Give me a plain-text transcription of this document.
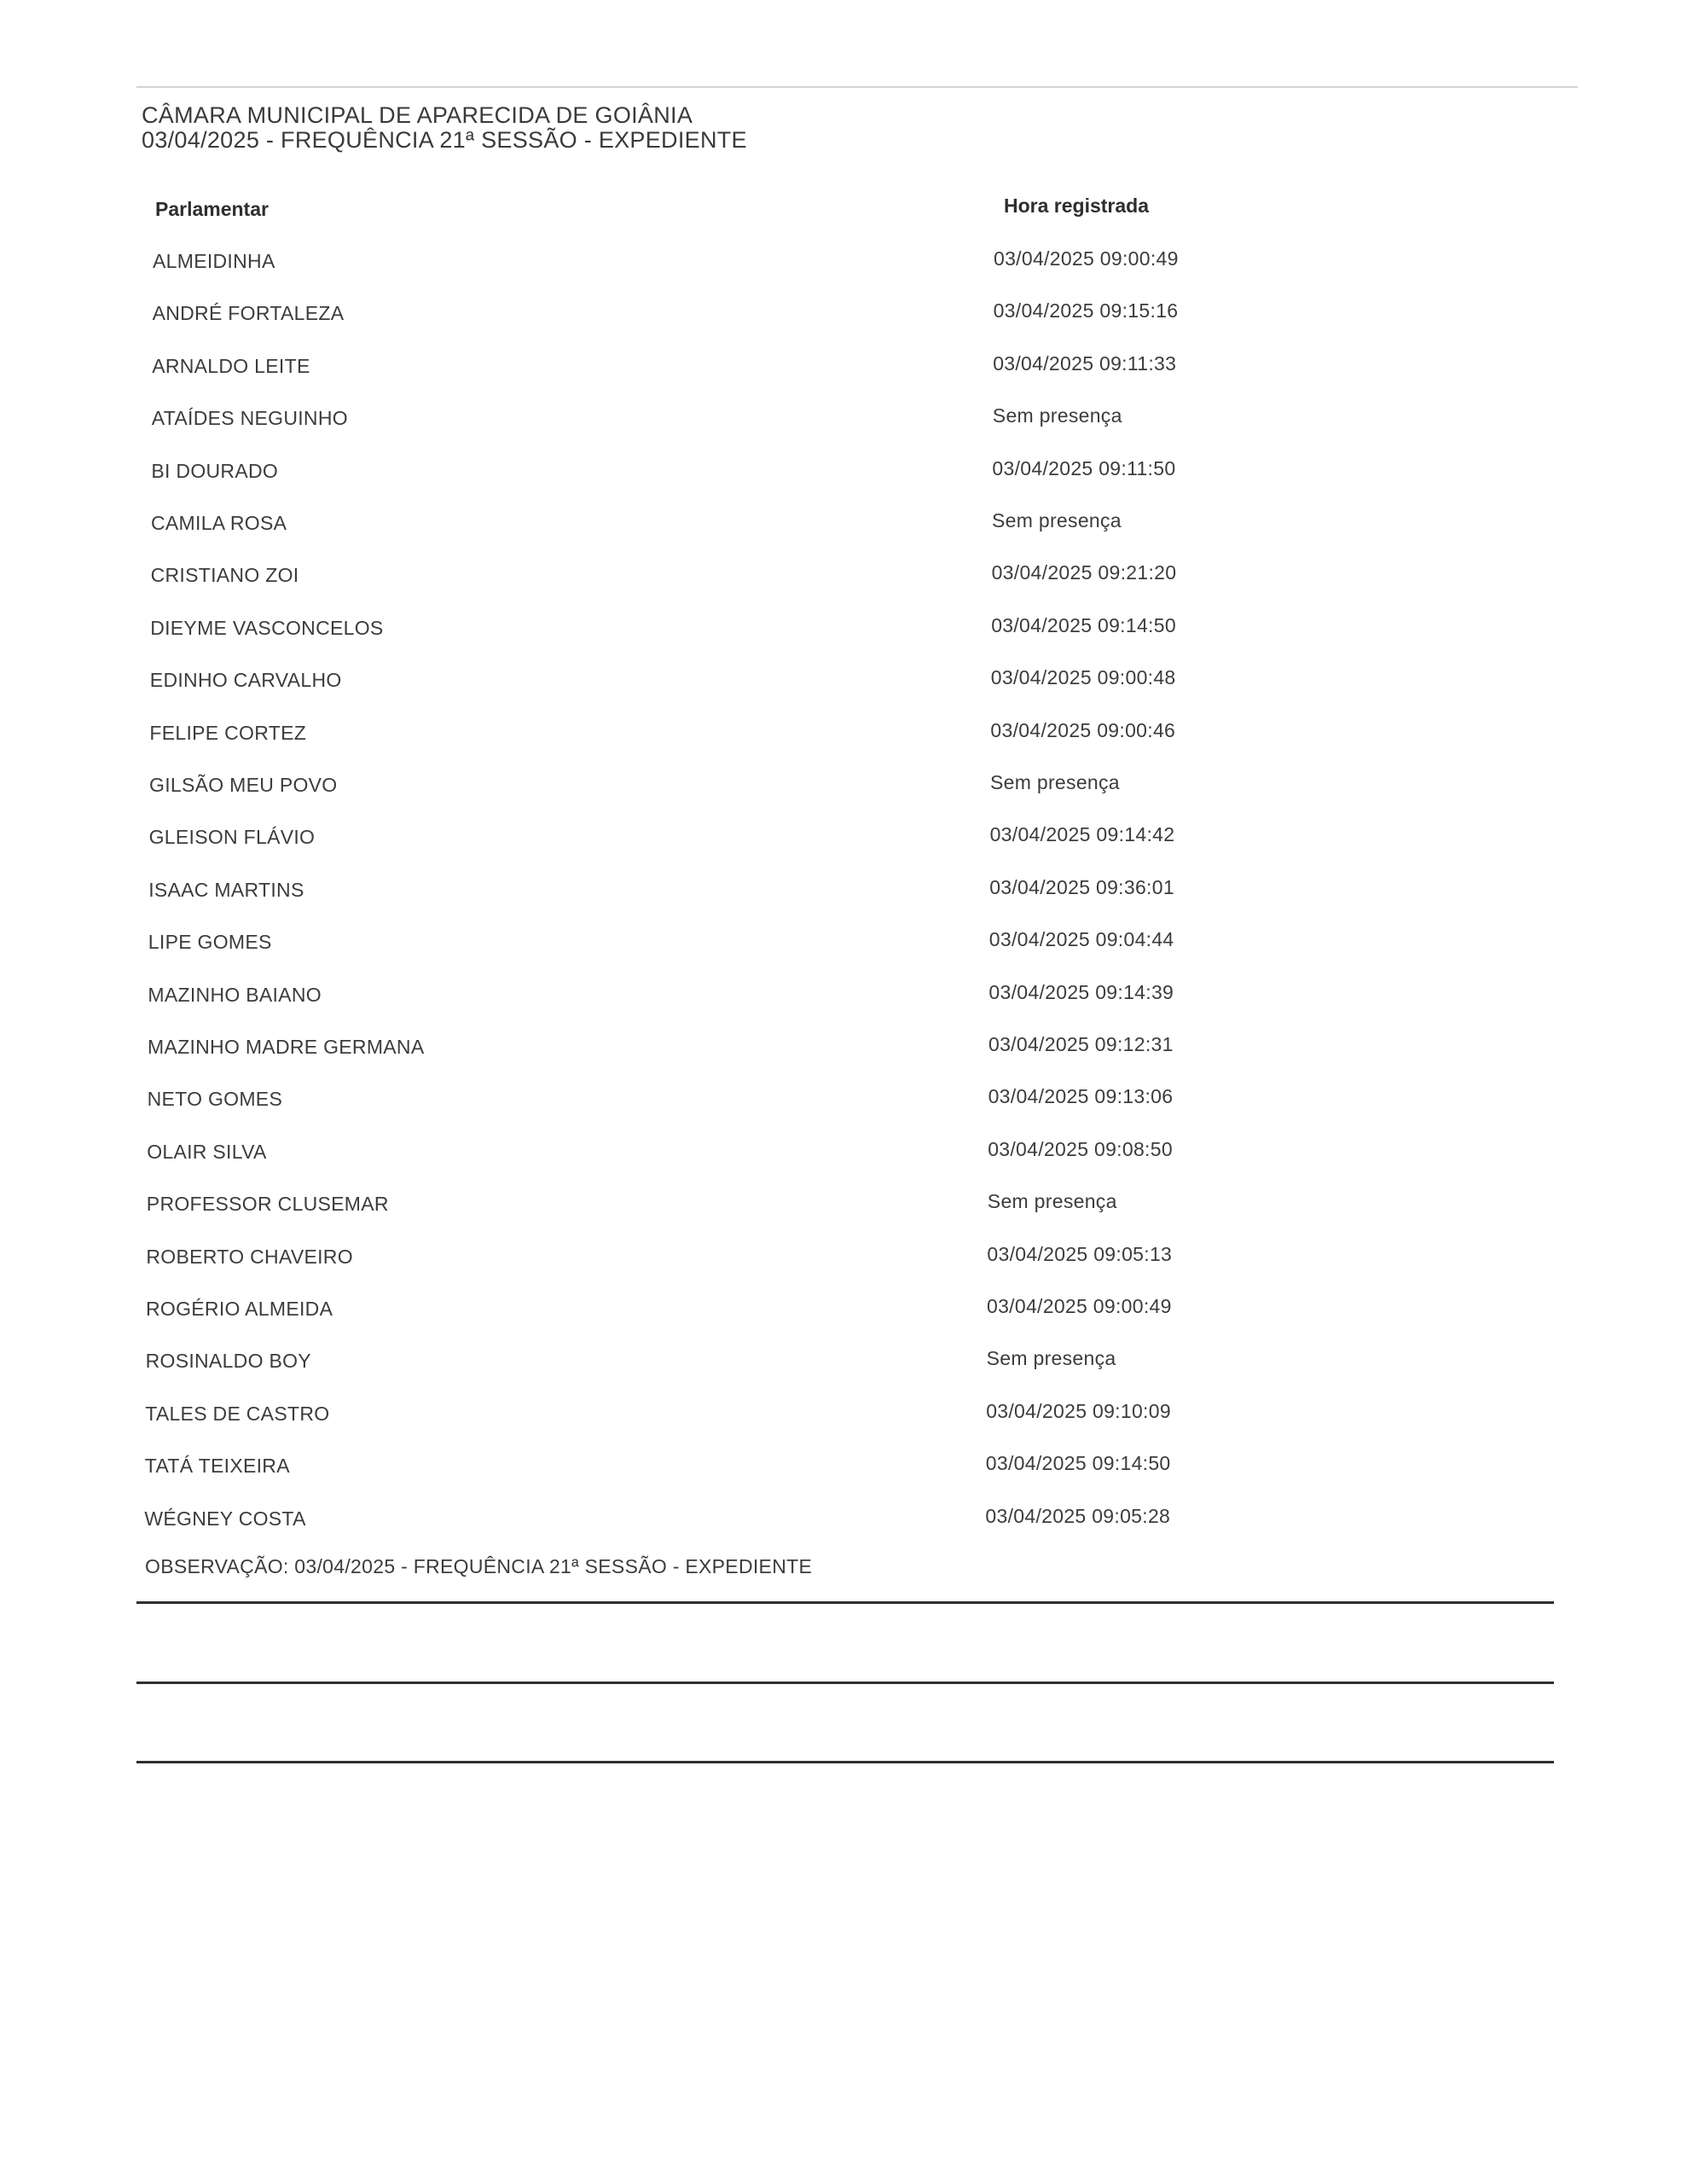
CÂMARA MUNICIPAL DE APARECIDA DE GOIÂNIA
03/04/2025 - FREQUÊNCIA 21ª SESSÃO - EXPEDIENTE
Parlamentar	Hora registrada
ALMEIDINHA	03/04/2025 09:00:49
ANDRÉ FORTALEZA	03/04/2025 09:15:16
ARNALDO LEITE	03/04/2025 09:11:33
ATAÍDES NEGUINHO	Sem presença
BI DOURADO	03/04/2025 09:11:50
CAMILA ROSA	Sem presença
CRISTIANO ZOI	03/04/2025 09:21:20
DIEYME VASCONCELOS	03/04/2025 09:14:50
EDINHO CARVALHO	03/04/2025 09:00:48
FELIPE CORTEZ	03/04/2025 09:00:46
GILSÃO MEU POVO	Sem presença
GLEISON FLÁVIO	03/04/2025 09:14:42
ISAAC MARTINS	03/04/2025 09:36:01
LIPE GOMES	03/04/2025 09:04:44
MAZINHO BAIANO	03/04/2025 09:14:39
MAZINHO MADRE GERMANA	03/04/2025 09:12:31
NETO GOMES	03/04/2025 09:13:06
OLAIR SILVA	03/04/2025 09:08:50
PROFESSOR CLUSEMAR	Sem presença
ROBERTO CHAVEIRO	03/04/2025 09:05:13
ROGÉRIO ALMEIDA	03/04/2025 09:00:49
ROSINALDO BOY	Sem presença
TALES DE CASTRO	03/04/2025 09:10:09
TATÁ TEIXEIRA	03/04/2025 09:14:50
WÉGNEY COSTA	03/04/2025 09:05:28
OBSERVAÇÃO: 03/04/2025 - FREQUÊNCIA 21ª SESSÃO - EXPEDIENTE
